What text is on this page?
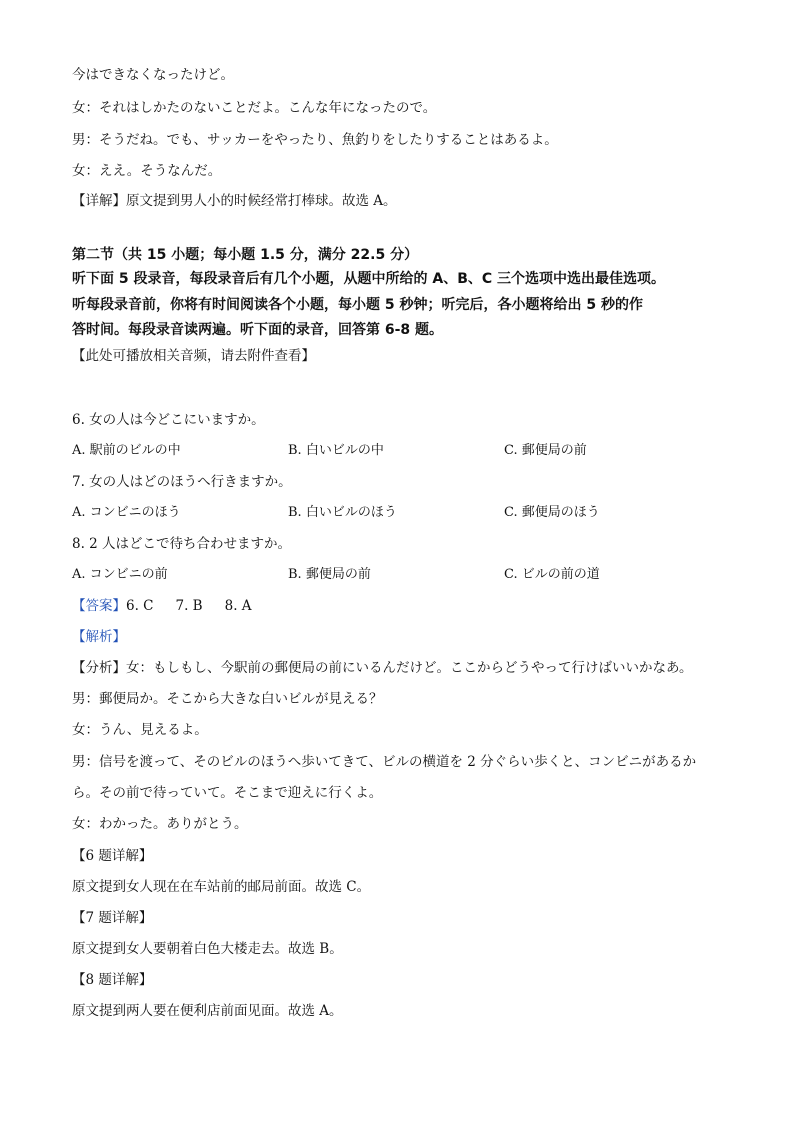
今はできなくなったけど。
女：それはしかたのないことだよ。こんな年になったので。
男：そうだね。でも、サッカーをやったり、魚釣りをしたりすることはあるよ。
女：ええ。そうなんだ。
【详解】原文提到男人小的时候经常打棒球。故选 A。
第二节（共 15 小题；每小题 1.5 分，满分 22.5 分）
听下面 5 段录音，每段录音后有几个小题，从题中所给的 A、B、C 三个选项中选出最佳选项。
听每段录音前，你将有时间阅读各个小题，每小题 5 秒钟；听完后，各小题将给出 5 秒的作
答时间。每段录音读两遍。听下面的录音，回答第 6-8 题。
【此处可播放相关音频，请去附件查看】
6. 女の人は今どこにいますか。
A. 駅前のビルの中	B. 白いビルの中	C. 郵便局の前
7. 女の人はどのほうへ行きますか。
A. コンビニのほう	B. 白いビルのほう	C. 郵便局のほう
8. 2 人はどこで待ち合わせますか。
A. コンビニの前	B. 郵便局の前	C. ビルの前の道
【答案】6. C 7. B 8. A
【解析】
【分析】女：もしもし、今駅前の郵便局の前にいるんだけど。ここからどうやって行けばいいかなあ。
男：郵便局か。そこから大きな白いビルが見える？
女：うん、見えるよ。
男：信号を渡って、そのビルのほうへ歩いてきて、ビルの横道を 2 分ぐらい歩くと、コンビニがあるか
ら。その前で待っていて。そこまで迎えに行くよ。
女：わかった。ありがとう。
【6 题详解】
原文提到女人现在在车站前的邮局前面。故选 C。
【7 题详解】
原文提到女人要朝着白色大楼走去。故选 B。
【8 题详解】
原文提到两人要在便利店前面见面。故选 A。
